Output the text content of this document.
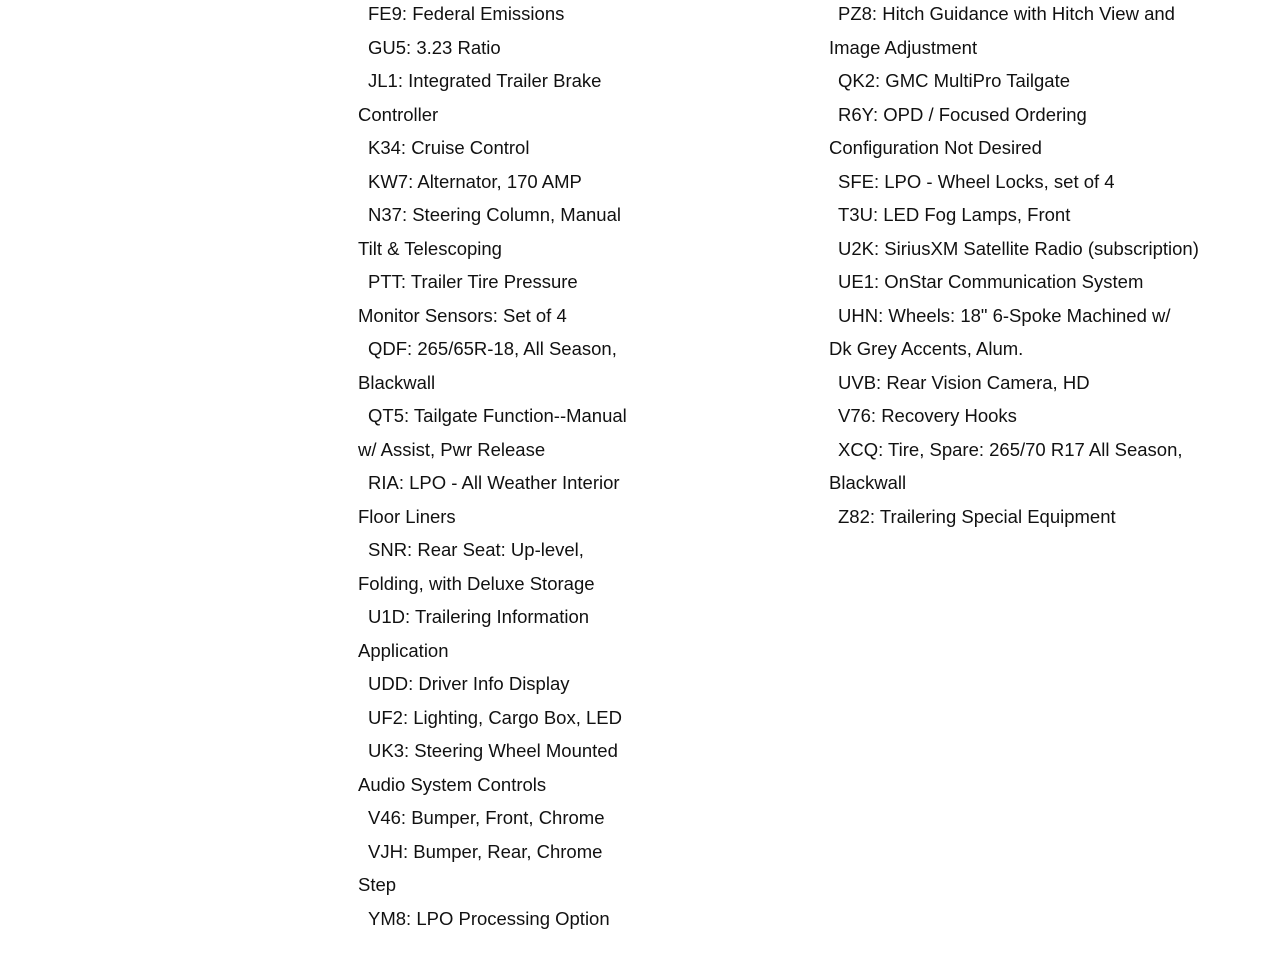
FE9: Federal Emissions
GU5: 3.23 Ratio
JL1: Integrated Trailer Brake
Controller
K34: Cruise Control
KW7: Alternator, 170 AMP
N37: Steering Column, Manual
Tilt & Telescoping
PTT: Trailer Tire Pressure
Monitor Sensors: Set of 4
QDF: 265/65R-18, All Season,
Blackwall
QT5: Tailgate Function--Manual
w/ Assist, Pwr Release
RIA: LPO - All Weather Interior
Floor Liners
SNR: Rear Seat: Up-level,
Folding, with Deluxe Storage
U1D: Trailering Information
Application
UDD: Driver Info Display
UF2: Lighting, Cargo Box, LED
UK3: Steering Wheel Mounted
Audio System Controls
V46: Bumper, Front, Chrome
VJH: Bumper, Rear, Chrome
Step
YM8: LPO Processing Option
PZ8: Hitch Guidance with Hitch View and
Image Adjustment
QK2: GMC MultiPro Tailgate
R6Y: OPD / Focused Ordering
Configuration Not Desired
SFE: LPO - Wheel Locks, set of 4
T3U: LED Fog Lamps, Front
U2K: SiriusXM Satellite Radio (subscription)
UE1: OnStar Communication System
UHN: Wheels: 18" 6-Spoke Machined w/
Dk Grey Accents, Alum.
UVB: Rear Vision Camera, HD
V76: Recovery Hooks
XCQ: Tire, Spare: 265/70 R17 All Season,
Blackwall
Z82: Trailering Special Equipment
